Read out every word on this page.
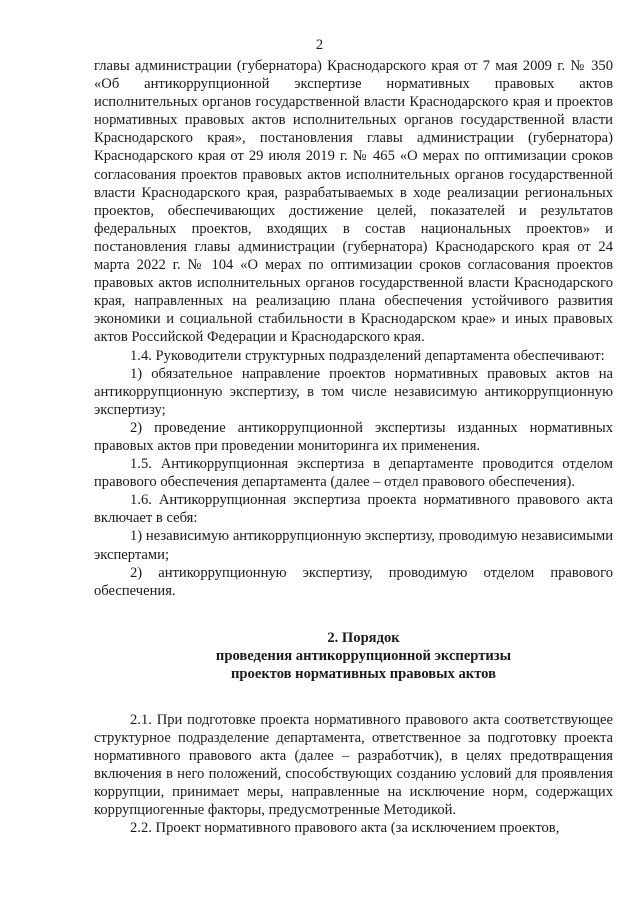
2

главы администрации (губернатора) Краснодарского края от 7 мая 2009 г. № 350 «Об антикоррупционной экспертизе нормативных правовых актов исполнительных органов государственной власти Краснодарского края и проектов нормативных правовых актов исполнительных органов государственной власти Краснодарского края», постановления главы администрации (губернатора) Краснодарского края от 29 июля 2019 г. № 465 «О мерах по оптимизации сроков согласования проектов правовых актов исполнительных органов государственной власти Краснодарского края, разрабатываемых в ходе реализации региональных проектов, обеспечивающих достижение целей, показателей и результатов федеральных проектов, входящих в состав национальных проектов» и постановления главы администрации (губернатора) Краснодарского края от 24 марта 2022 г. № 104 «О мерах по оптимизации сроков согласования проектов правовых актов исполнительных органов государственной власти Краснодарского края, направленных на реализацию плана обеспечения устойчивого развития экономики и социальной стабильности в Краснодарском крае» и иных правовых актов Российской Федерации и Краснодарского края.

1.4. Руководители структурных подразделений департамента обеспечивают:

1) обязательное направление проектов нормативных правовых актов на антикоррупционную экспертизу, в том числе независимую антикоррупционную экспертизу;

2) проведение антикоррупционной экспертизы изданных нормативных правовых актов при проведении мониторинга их применения.

1.5. Антикоррупционная экспертиза в департаменте проводится отделом правового обеспечения департамента (далее – отдел правового обеспечения).

1.6. Антикоррупционная экспертиза проекта нормативного правового акта включает в себя:

1) независимую антикоррупционную экспертизу, проводимую независимыми экспертами;

2) антикоррупционную экспертизу, проводимую отделом правового обеспечения.

2. Порядок
проведения антикоррупционной экспертизы
проектов нормативных правовых актов

2.1. При подготовке проекта нормативного правового акта соответствующее структурное подразделение департамента, ответственное за подготовку проекта нормативного правового акта (далее – разработчик), в целях предотвращения включения в него положений, способствующих созданию условий для проявления коррупции, принимает меры, направленные на исключение норм, содержащих коррупциогенные факторы, предусмотренные Методикой.

2.2. Проект нормативного правового акта (за исключением проектов,
